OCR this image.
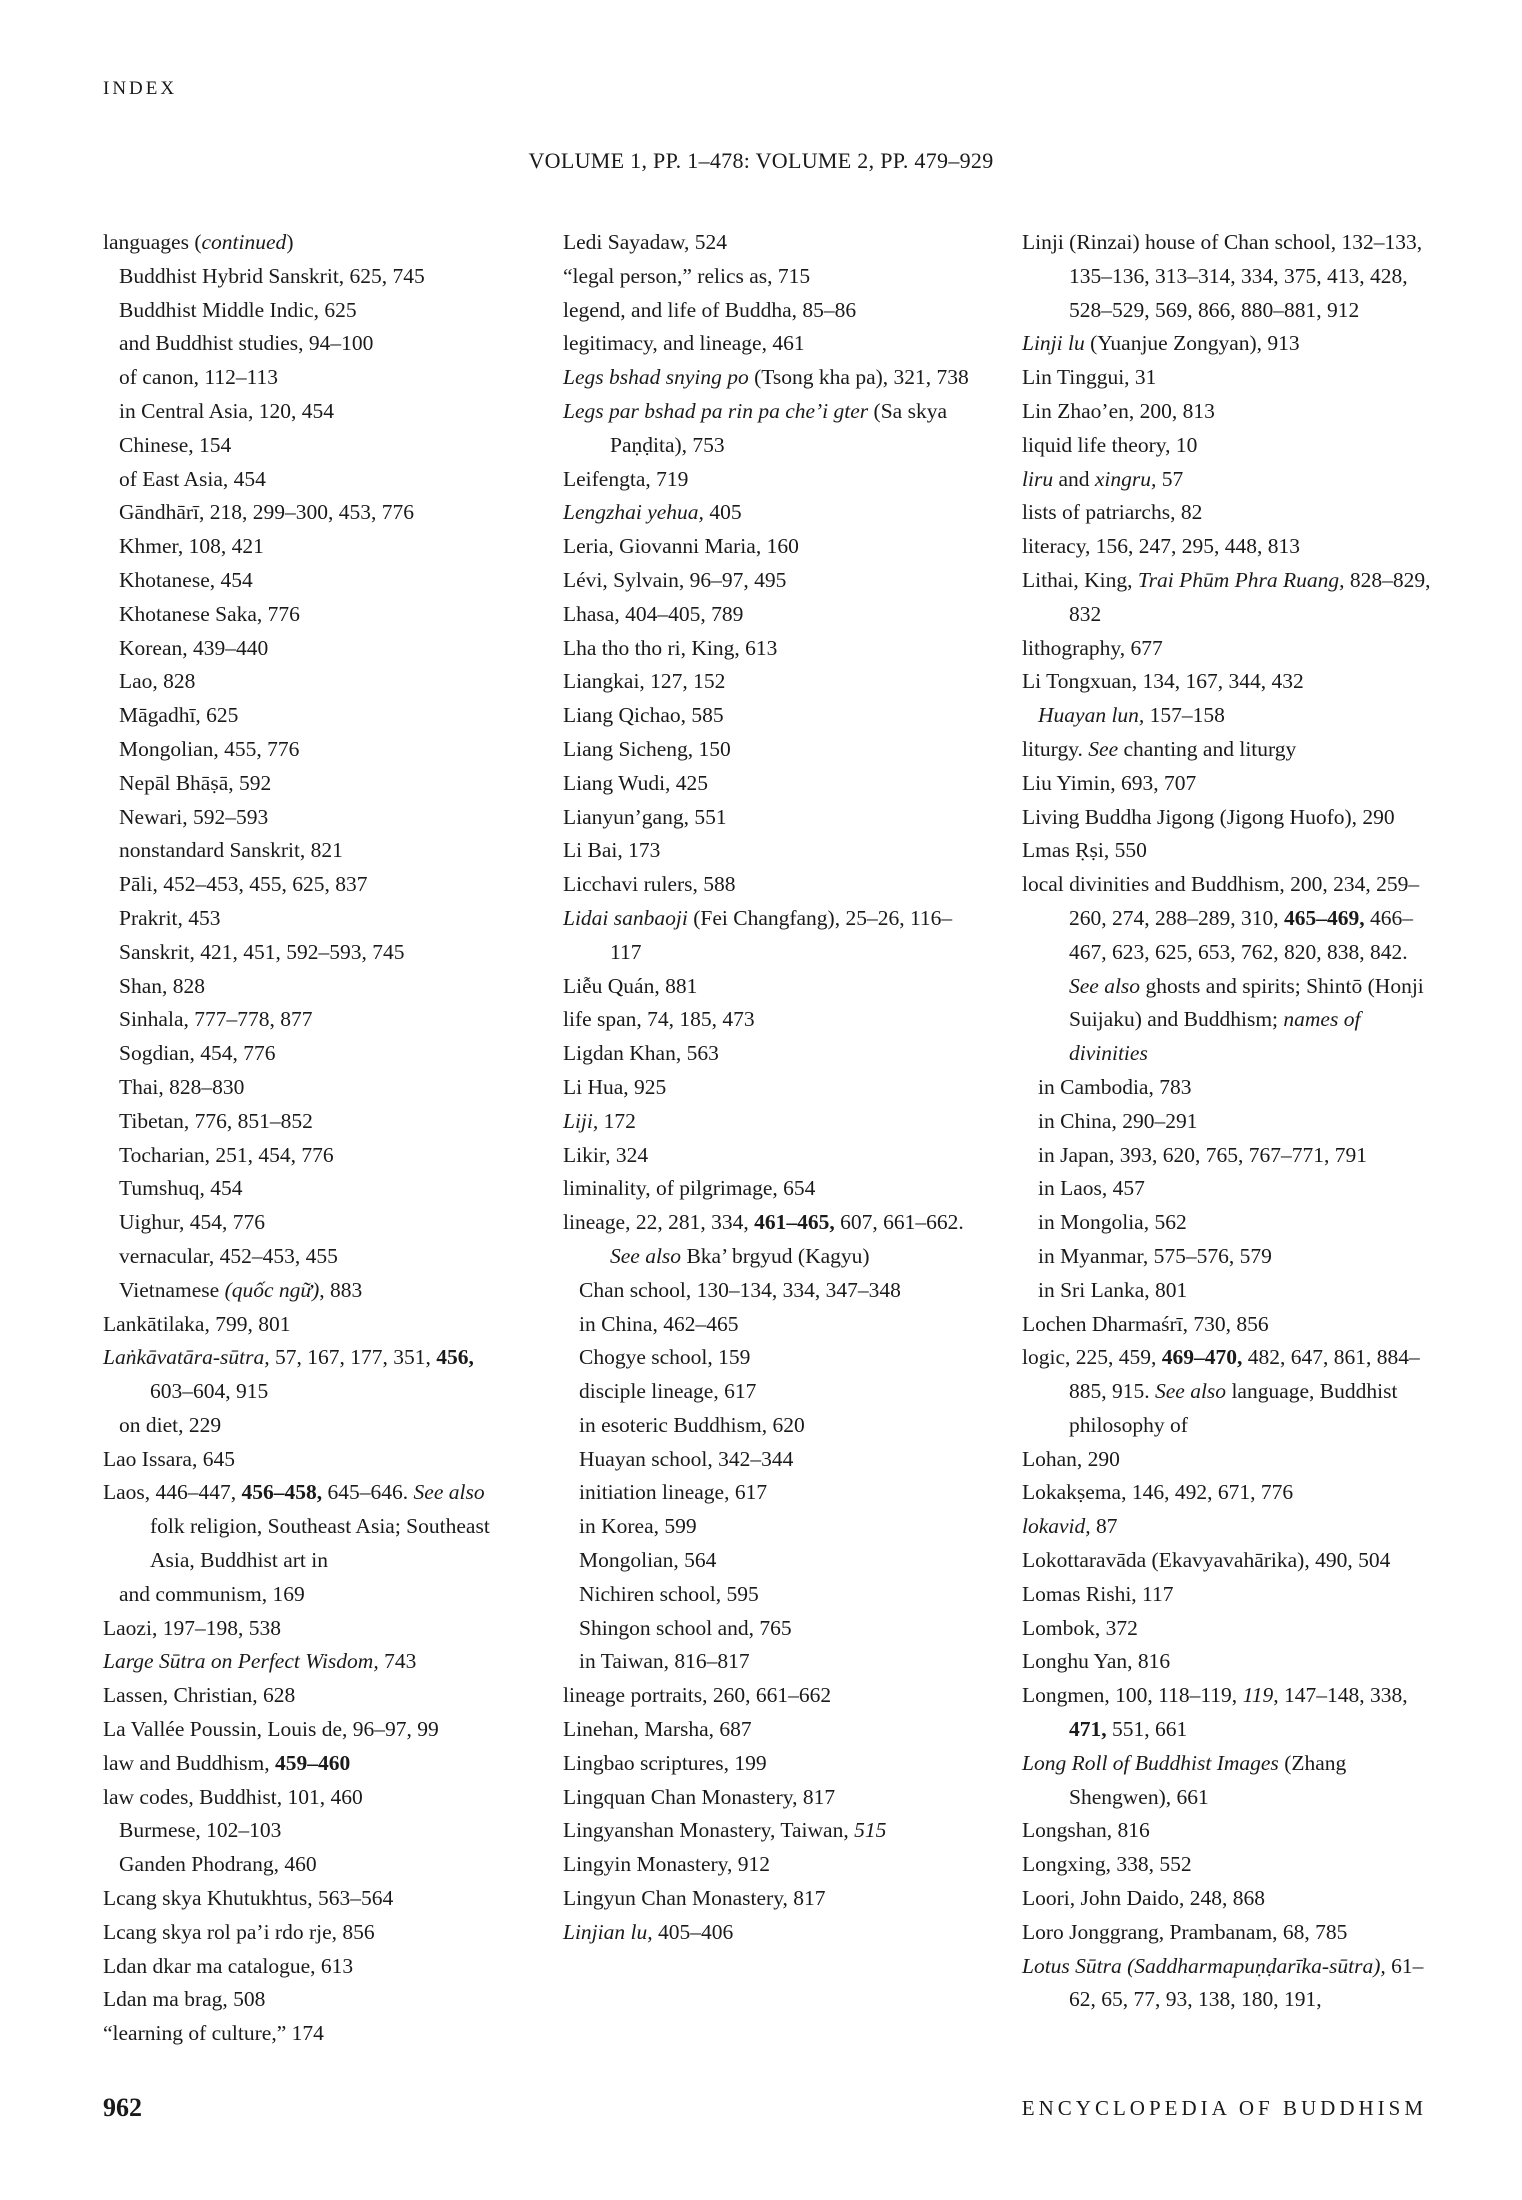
INDEX
VOLUME 1, PP. 1–478: VOLUME 2, PP. 479–929
languages (continued)
Buddhist Hybrid Sanskrit, 625, 745
Buddhist Middle Indic, 625
and Buddhist studies, 94–100
of canon, 112–113
in Central Asia, 120, 454
Chinese, 154
of East Asia, 454
Gāndhārī, 218, 299–300, 453, 776
Khmer, 108, 421
Khotanese, 454
Khotanese Saka, 776
Korean, 439–440
Lao, 828
Māgadhī, 625
Mongolian, 455, 776
Nepāl Bhāṣā, 592
Newari, 592–593
nonstandard Sanskrit, 821
Pāli, 452–453, 455, 625, 837
Prakrit, 453
Sanskrit, 421, 451, 592–593, 745
Shan, 828
Sinhala, 777–778, 877
Sogdian, 454, 776
Thai, 828–830
Tibetan, 776, 851–852
Tocharian, 251, 454, 776
Tumshuq, 454
Uighur, 454, 776
vernacular, 452–453, 455
Vietnamese (quốc ngữ), 883
Lankātilaka, 799, 801
Laṅkāvatāra-sūtra, 57, 167, 177, 351, 456, 603–604, 915
on diet, 229
Lao Issara, 645
Laos, 446–447, 456–458, 645–646. See also folk religion, Southeast Asia; Southeast Asia, Buddhist art in
and communism, 169
Laozi, 197–198, 538
Large Sūtra on Perfect Wisdom, 743
Lassen, Christian, 628
La Vallée Poussin, Louis de, 96–97, 99
law and Buddhism, 459–460
law codes, Buddhist, 101, 460
Burmese, 102–103
Ganden Phodrang, 460
Lcang skya Khutukhtus, 563–564
Lcang skya rol pa’i rdo rje, 856
Ldan dkar ma catalogue, 613
Ldan ma brag, 508
“learning of culture,” 174
Ledi Sayadaw, 524
“legal person,” relics as, 715
legend, and life of Buddha, 85–86
legitimacy, and lineage, 461
Legs bshad snying po (Tsong kha pa), 321, 738
Legs par bshad pa rin pa che’i gter (Sa skya Paṇḍita), 753
Leifengta, 719
Lengzhai yehua, 405
Leria, Giovanni Maria, 160
Lévi, Sylvain, 96–97, 495
Lhasa, 404–405, 789
Lha tho tho ri, King, 613
Liangkai, 127, 152
Liang Qichao, 585
Liang Sicheng, 150
Liang Wudi, 425
Lianyun’gang, 551
Li Bai, 173
Licchavi rulers, 588
Lidai sanbaoji (Fei Changfang), 25–26, 116–117
Liễu Quán, 881
life span, 74, 185, 473
Ligdan Khan, 563
Li Hua, 925
Liji, 172
Likir, 324
liminality, of pilgrimage, 654
lineage, 22, 281, 334, 461–465, 607, 661–662. See also Bka’ brgyud (Kagyu)
Chan school, 130–134, 334, 347–348
in China, 462–465
Chogye school, 159
disciple lineage, 617
in esoteric Buddhism, 620
Huayan school, 342–344
initiation lineage, 617
in Korea, 599
Mongolian, 564
Nichiren school, 595
Shingon school and, 765
in Taiwan, 816–817
lineage portraits, 260, 661–662
Linehan, Marsha, 687
Lingbao scriptures, 199
Lingquan Chan Monastery, 817
Lingyanshan Monastery, Taiwan, 515
Lingyin Monastery, 912
Lingyun Chan Monastery, 817
Linjian lu, 405–406
Linji (Rinzai) house of Chan school, 132–133, 135–136, 313–314, 334, 375, 413, 428, 528–529, 569, 866, 880–881, 912
Linji lu (Yuanjue Zongyan), 913
Lin Tinggui, 31
Lin Zhao’en, 200, 813
liquid life theory, 10
liru and xingru, 57
lists of patriarchs, 82
literacy, 156, 247, 295, 448, 813
Lithai, King, Trai Phūm Phra Ruang, 828–829, 832
lithography, 677
Li Tongxuan, 134, 167, 344, 432
Huayan lun, 157–158
liturgy. See chanting and liturgy
Liu Yimin, 693, 707
Living Buddha Jigong (Jigong Huofo), 290
Lmas Ṛṣi, 550
local divinities and Buddhism, 200, 234, 259–260, 274, 288–289, 310, 465–469, 466–467, 623, 625, 653, 762, 820, 838, 842. See also ghosts and spirits; Shintō (Honji Suijaku) and Buddhism; names of divinities
in Cambodia, 783
in China, 290–291
in Japan, 393, 620, 765, 767–771, 791
in Laos, 457
in Mongolia, 562
in Myanmar, 575–576, 579
in Sri Lanka, 801
Lochen Dharmaśrī, 730, 856
logic, 225, 459, 469–470, 482, 647, 861, 884–885, 915. See also language, Buddhist philosophy of
Lohan, 290
Lokakṣema, 146, 492, 671, 776
lokavid, 87
Lokottaravāda (Ekavyavahārika), 490, 504
Lomas Rishi, 117
Lombok, 372
Longhu Yan, 816
Longmen, 100, 118–119, 119, 147–148, 338, 471, 551, 661
Long Roll of Buddhist Images (Zhang Shengwen), 661
Longshan, 816
Longxing, 338, 552
Loori, John Daido, 248, 868
Loro Jonggrang, Prambanam, 68, 785
Lotus Sūtra (Saddharmapuṇḍarīka-sūtra), 61–62, 65, 77, 93, 138, 180, 191,
962	ENCYCLOPEDIA OF BUDDHISM
